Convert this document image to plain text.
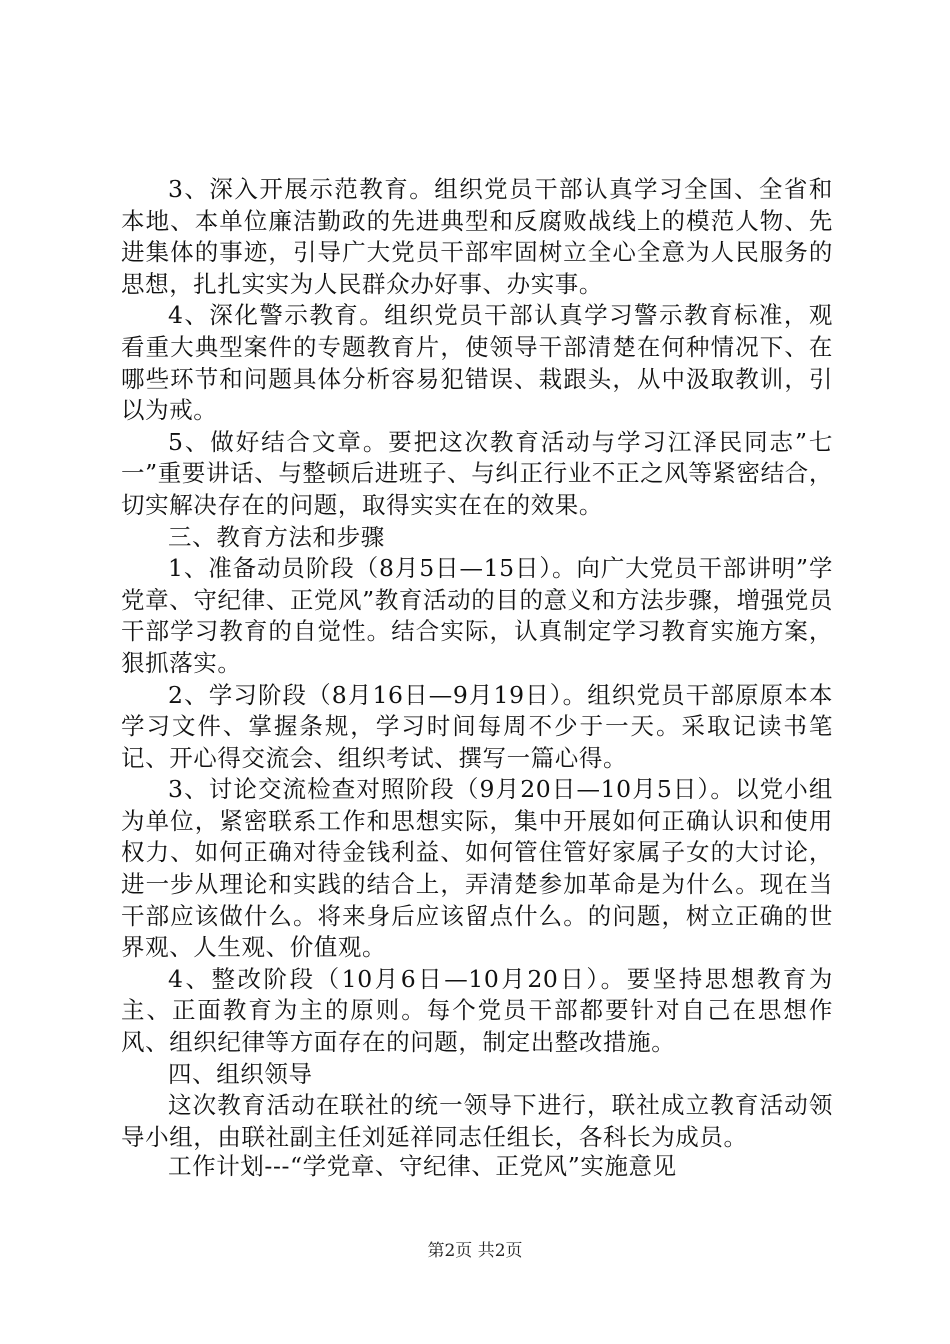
3、深入开展示范教育。组织党员干部认真学习全国、全省和本地、本单位廉洁勤政的先进典型和反腐败战线上的模范人物、先进集体的事迹，引导广大党员干部牢固树立全心全意为人民服务的思想，扎扎实实为人民群众办好事、办实事。

4、深化警示教育。组织党员干部认真学习警示教育标准，观看重大典型案件的专题教育片，使领导干部清楚在何种情况下、在哪些环节和问题具体分析容易犯错误、栽跟头，从中汲取教训，引以为戒。

5、做好结合文章。要把这次教育活动与学习江泽民同志”七一”重要讲话、与整顿后进班子、与纠正行业不正之风等紧密结合，切实解决存在的问题，取得实实在在的效果。

三、教育方法和步骤

1、准备动员阶段（8月5日—15日）。向广大党员干部讲明”学党章、守纪律、正党风”教育活动的目的意义和方法步骤，增强党员干部学习教育的自觉性。结合实际，认真制定学习教育实施方案，狠抓落实。

2、学习阶段（8月16日—9月19日）。组织党员干部原原本本学习文件、掌握条规，学习时间每周不少于一天。采取记读书笔记、开心得交流会、组织考试、撰写一篇心得。

3、讨论交流检查对照阶段（9月20日—10月5日）。以党小组为单位，紧密联系工作和思想实际，集中开展如何正确认识和使用权力、如何正确对待金钱利益、如何管住管好家属子女的大讨论，进一步从理论和实践的结合上，弄清楚参加革命是为什么。现在当干部应该做什么。将来身后应该留点什么。的问题，树立正确的世界观、人生观、价值观。

4、整改阶段（10月6日—10月20日）。要坚持思想教育为主、正面教育为主的原则。每个党员干部都要针对自己在思想作风、组织纪律等方面存在的问题，制定出整改措施。

四、组织领导

这次教育活动在联社的统一领导下进行，联社成立教育活动领导小组，由联社副主任刘延祥同志任组长，各科长为成员。

工作计划---“学党章、守纪律、正党风”实施意见
第2页 共2页
